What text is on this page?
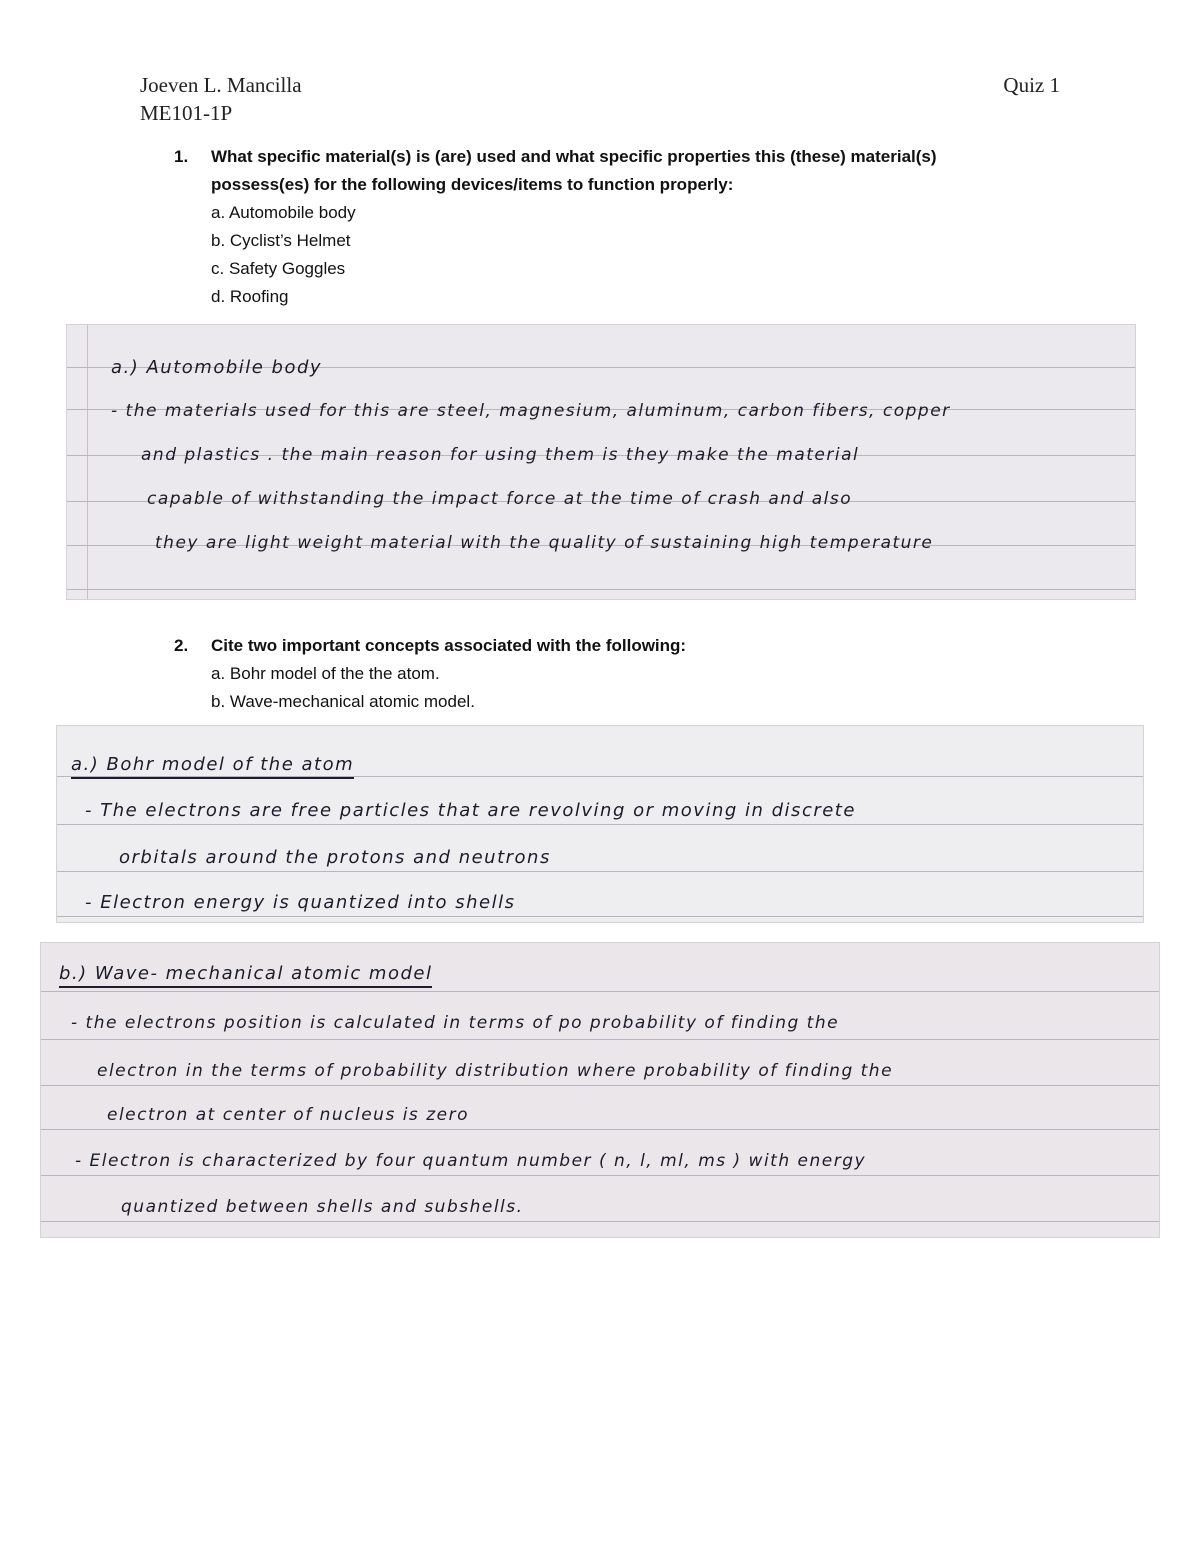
Joeven L. Mancilla
ME101-1P
Quiz 1
1.	What specific material(s) is (are) used and what specific properties this (these) material(s)
possess(es) for the following devices/items to function properly:
a. Automobile body
b. Cyclist’s Helmet
c. Safety Goggles
d. Roofing
a.) Automobile body
- the materials used for this are steel, magnesium, aluminum, carbon fibers, copper
and plastics . the main reason for using them is they make the material
capable of withstanding the impact force at the time of crash and also
they are light weight material with the quality of sustaining high temperature
2.	Cite two important concepts associated with the following:
a. Bohr model of the the atom.
b. Wave-mechanical atomic model.
a.) Bohr model of the atom
- The electrons are free particles that are revolving or moving in discrete
orbitals around the protons and neutrons
- Electron energy is quantized into shells
b.) Wave- mechanical atomic model
- the electrons position is calculated in terms of po probability of finding the
electron in the terms of probability distribution where probability of finding the
electron at center of nucleus is zero
- Electron is characterized by four quantum number ( n, l, ml, ms ) with energy
quantized between shells and subshells.
